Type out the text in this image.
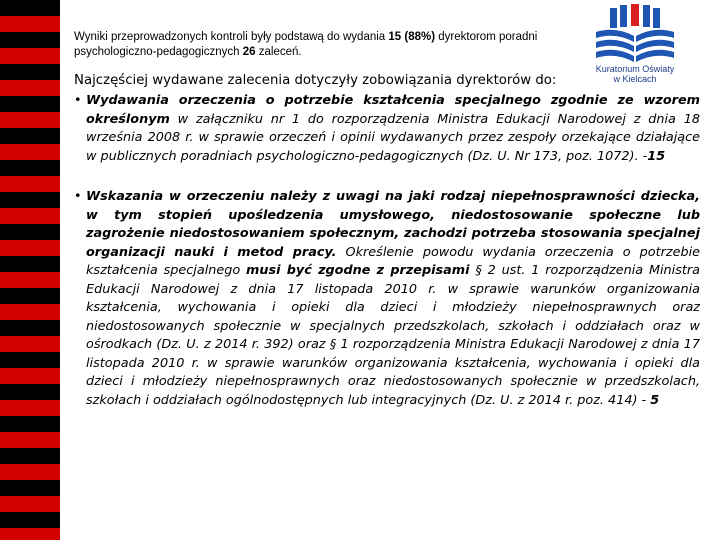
Wyniki przeprowadzonych kontroli były podstawą do wydania 15 (88%) dyrektorom poradni psychologiczno-pedagogicznych 26 zaleceń.
Kuratorium Oświaty
w Kielcach
Najczęściej wydawane zalecenia dotyczyły zobowiązania dyrektorów do:
• Wydawania orzeczenia o potrzebie kształcenia specjalnego zgodnie ze wzorem określonym w załączniku nr 1 do rozporządzenia Ministra Edukacji Narodowej z dnia 18 września 2008 r. w sprawie orzeczeń i opinii wydawanych przez zespoły orzekające działające w publicznych poradniach psychologiczno-pedagogicznych (Dz. U. Nr 173, poz. 1072). -15
• Wskazania w orzeczeniu należy z uwagi na jaki rodzaj niepełnosprawności dziecka, w tym stopień upośledzenia umysłowego, niedostosowanie społeczne lub zagrożenie niedostosowaniem społecznym, zachodzi potrzeba stosowania specjalnej organizacji nauki i metod pracy. Określenie powodu wydania orzeczenia o potrzebie kształcenia specjalnego musi być zgodne z przepisami § 2 ust. 1 rozporządzenia Ministra Edukacji Narodowej z dnia 17 listopada 2010 r. w sprawie warunków organizowania kształcenia, wychowania i opieki dla dzieci i młodzieży niepełnosprawnych oraz niedostosowanych społecznie w specjalnych przedszkolach, szkołach i oddziałach oraz w ośrodkach (Dz. U. z 2014 r. 392) oraz § 1 rozporządzenia Ministra Edukacji Narodowej z dnia 17 listopada 2010 r. w sprawie warunków organizowania kształcenia, wychowania i opieki dla dzieci i młodzieży niepełnosprawnych oraz niedostosowanych społecznie w przedszkolach, szkołach i oddziałach ogólnodostępnych lub integracyjnych (Dz. U. z 2014 r. poz. 414) - 5
